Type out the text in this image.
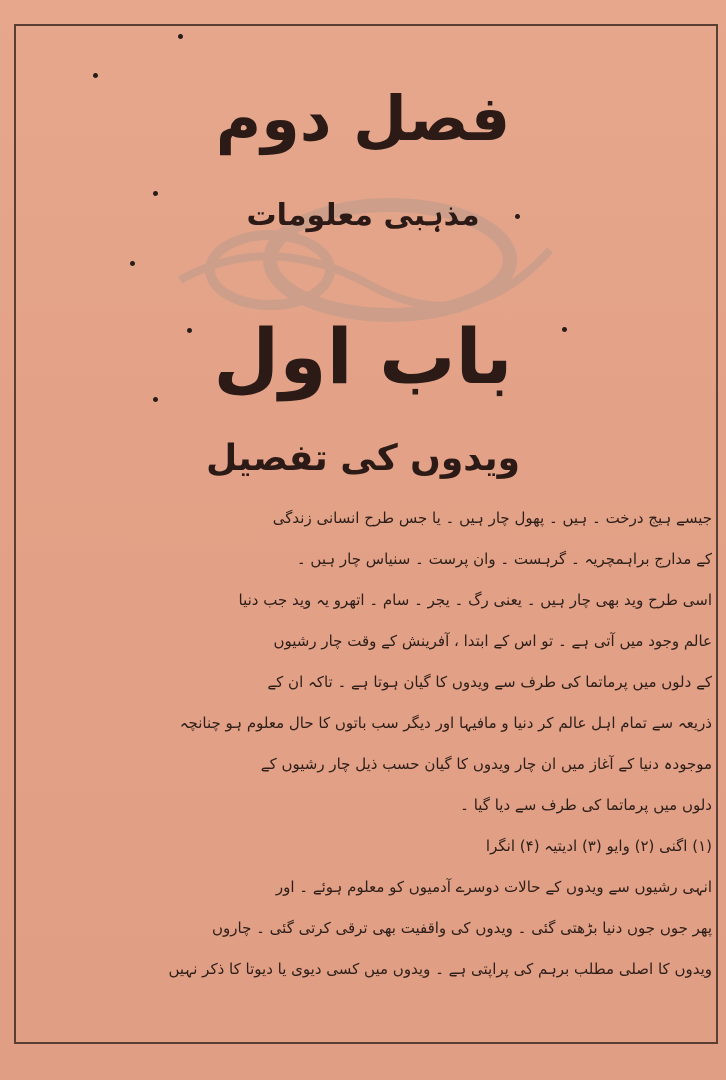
فصل دوم
مذہبی معلومات
باب اول
ویدوں کی تفصیل
جیسے ہیج درخت ۔ ہیں ۔ پھول چار ہیں ۔ یا جس طرح انسانی زندگی
کے مدارج براہمچریہ ۔ گرہست ۔ وان پرست ۔ سنیاس چار ہیں ۔
اسی طرح وید بھی چار ہیں ۔ یعنی رگ ۔ یجر ۔ سام ۔ اتھرو یہ وید جب دنیا
عالم وجود میں آتی ہے ۔ تو اس کے ابتدا ، آفرینش کے وقت چار رشیوں
کے دلوں میں پرماتما کی طرف سے ویدوں کا گیان ہوتا ہے ۔ تاکہ ان کے
ذریعہ سے تمام اہل عالم کر دنیا و مافیہا اور دیگر سب باتوں کا حال معلوم ہو چنانچہ
موجودہ دنیا کے آغاز میں ان چار ویدوں کا گیان حسب ذیل چار رشیوں کے
دلوں میں پرماتما کی طرف سے دیا گیا ۔
(۱) اگنی (۲) وایو (۳) ادیتیہ (۴) انگرا
انہی رشیوں سے ویدوں کے حالات دوسرے آدمیوں کو معلوم ہوئے ۔ اور
پھر جوں جوں دنیا بڑھتی گئی ۔ ویدوں کی واقفیت بھی ترقی کرتی گئی ۔ چاروں
ویدوں کا اصلی مطلب برہم کی پراپتی ہے ۔ ویدوں میں کسی دیوی یا دیوتا کا ذکر نہیں
